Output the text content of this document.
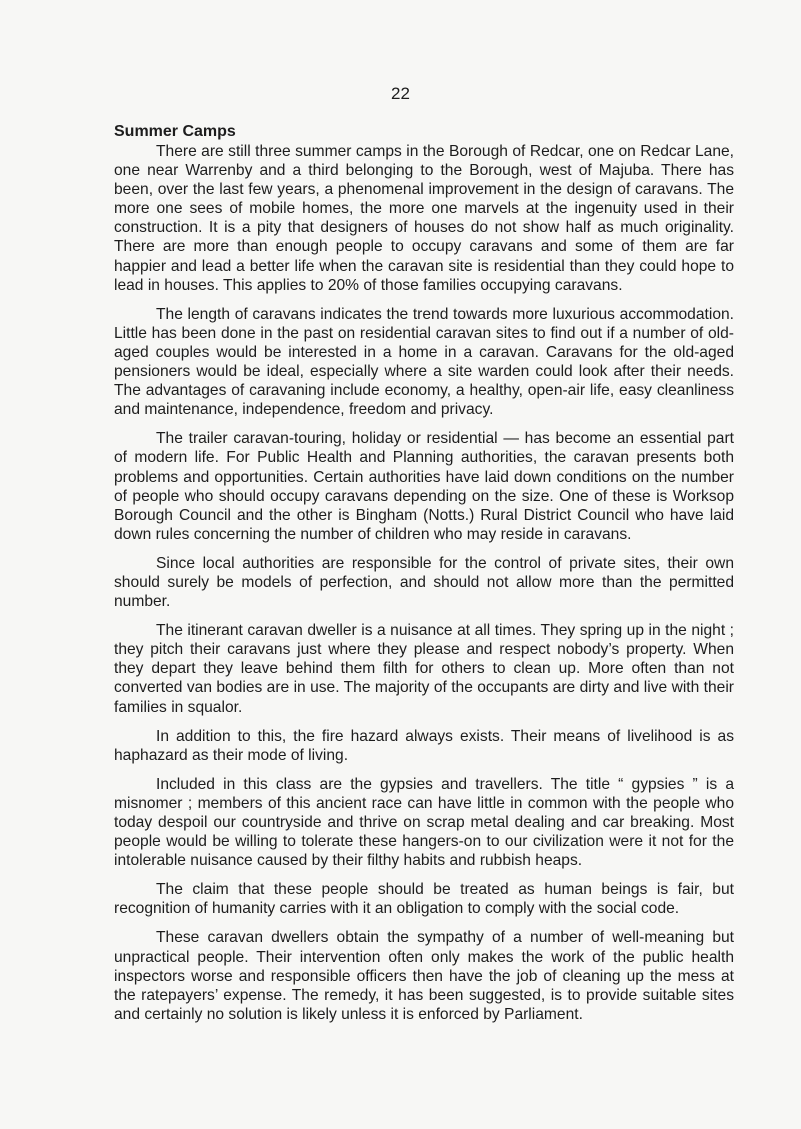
22

Summer Camps

There are still three summer camps in the Borough of Redcar, one on Redcar Lane, one near Warrenby and a third belonging to the Borough, west of Majuba. There has been, over the last few years, a phenomenal improvement in the design of caravans. The more one sees of mobile homes, the more one marvels at the ingenuity used in their construction. It is a pity that designers of houses do not show half as much originality. There are more than enough people to occupy caravans and some of them are far happier and lead a better life when the caravan site is residential than they could hope to lead in houses. This applies to 20% of those families occupying caravans.

The length of caravans indicates the trend towards more luxurious accommodation. Little has been done in the past on residential caravan sites to find out if a number of old-aged couples would be interested in a home in a caravan. Caravans for the old-aged pensioners would be ideal, especially where a site warden could look after their needs. The advantages of caravaning include economy, a healthy, open-air life, easy cleanliness and maintenance, independence, freedom and privacy.

The trailer caravan-touring, holiday or residential — has become an essential part of modern life. For Public Health and Planning authorities, the caravan presents both problems and opportunities. Certain authorities have laid down conditions on the number of people who should occupy caravans depending on the size. One of these is Worksop Borough Council and the other is Bingham (Notts.) Rural District Council who have laid down rules concerning the number of children who may reside in caravans.

Since local authorities are responsible for the control of private sites, their own should surely be models of perfection, and should not allow more than the permitted number.

The itinerant caravan dweller is a nuisance at all times. They spring up in the night ; they pitch their caravans just where they please and respect nobody’s property. When they depart they leave behind them filth for others to clean up. More often than not converted van bodies are in use. The majority of the occupants are dirty and live with their families in squalor.

In addition to this, the fire hazard always exists. Their means of livelihood is as haphazard as their mode of living.

Included in this class are the gypsies and travellers. The title “ gypsies ” is a misnomer ; members of this ancient race can have little in common with the people who today despoil our countryside and thrive on scrap metal dealing and car breaking. Most people would be willing to tolerate these hangers-on to our civilization were it not for the intolerable nuisance caused by their filthy habits and rubbish heaps.

The claim that these people should be treated as human beings is fair, but recognition of humanity carries with it an obligation to comply with the social code.

These caravan dwellers obtain the sympathy of a number of well-meaning but unpractical people. Their intervention often only makes the work of the public health inspectors worse and responsible officers then have the job of cleaning up the mess at the ratepayers’ expense. The remedy, it has been suggested, is to provide suitable sites and certainly no solution is likely unless it is enforced by Parliament.
